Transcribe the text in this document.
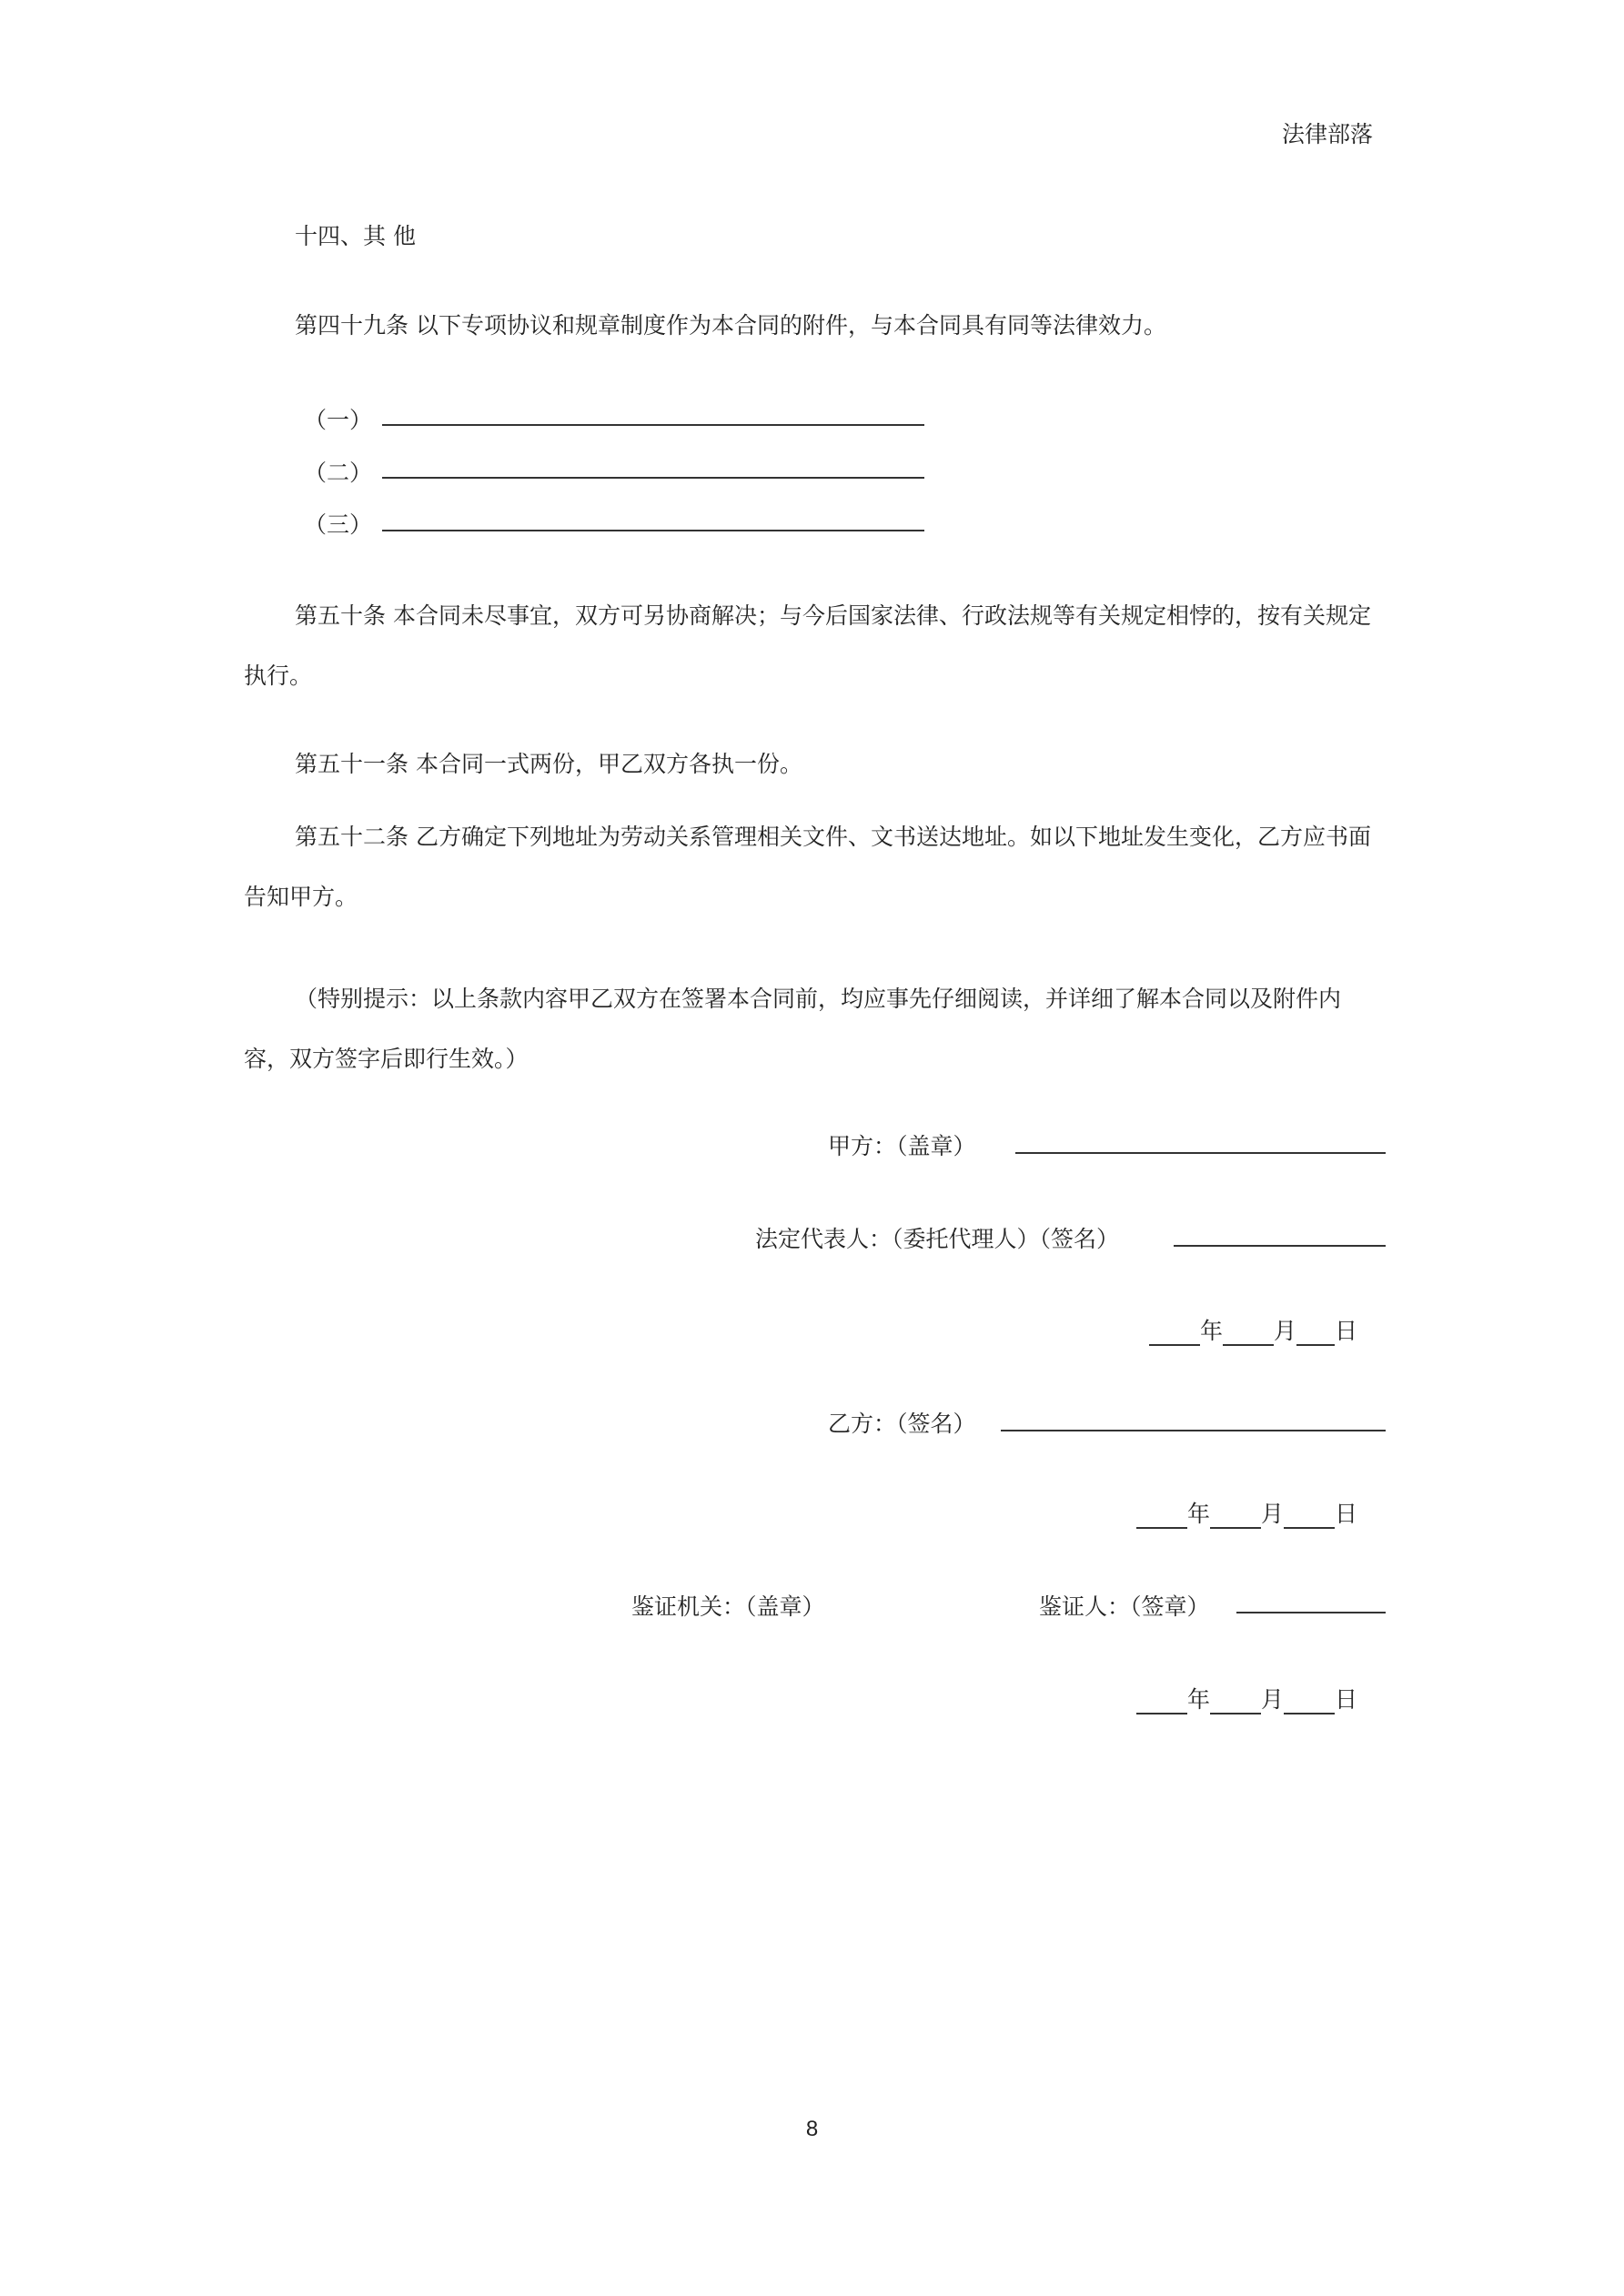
法律部落
十四、其 他
第四十九条 以下专项协议和规章制度作为本合同的附件，与本合同具有同等法律效力。
（一）
（二）
（三）
第五十条 本合同未尽事宜，双方可另协商解决；与今后国家法律、行政法规等有关规定相悖的，按有关规定执行。
第五十一条 本合同一式两份，甲乙双方各执一份。
第五十二条 乙方确定下列地址为劳动关系管理相关文件、文书送达地址。如以下地址发生变化，乙方应书面告知甲方。
（特别提示：以上条款内容甲乙双方在签署本合同前，均应事先仔细阅读，并详细了解本合同以及附件内容，双方签字后即行生效。）
甲方：（盖章）
法定代表人：（委托代理人）（签名）
年 月 日
乙方：（签名）
年 月 日
鉴证机关：（盖章）	鉴证人：（签章）
年 月 日
8
